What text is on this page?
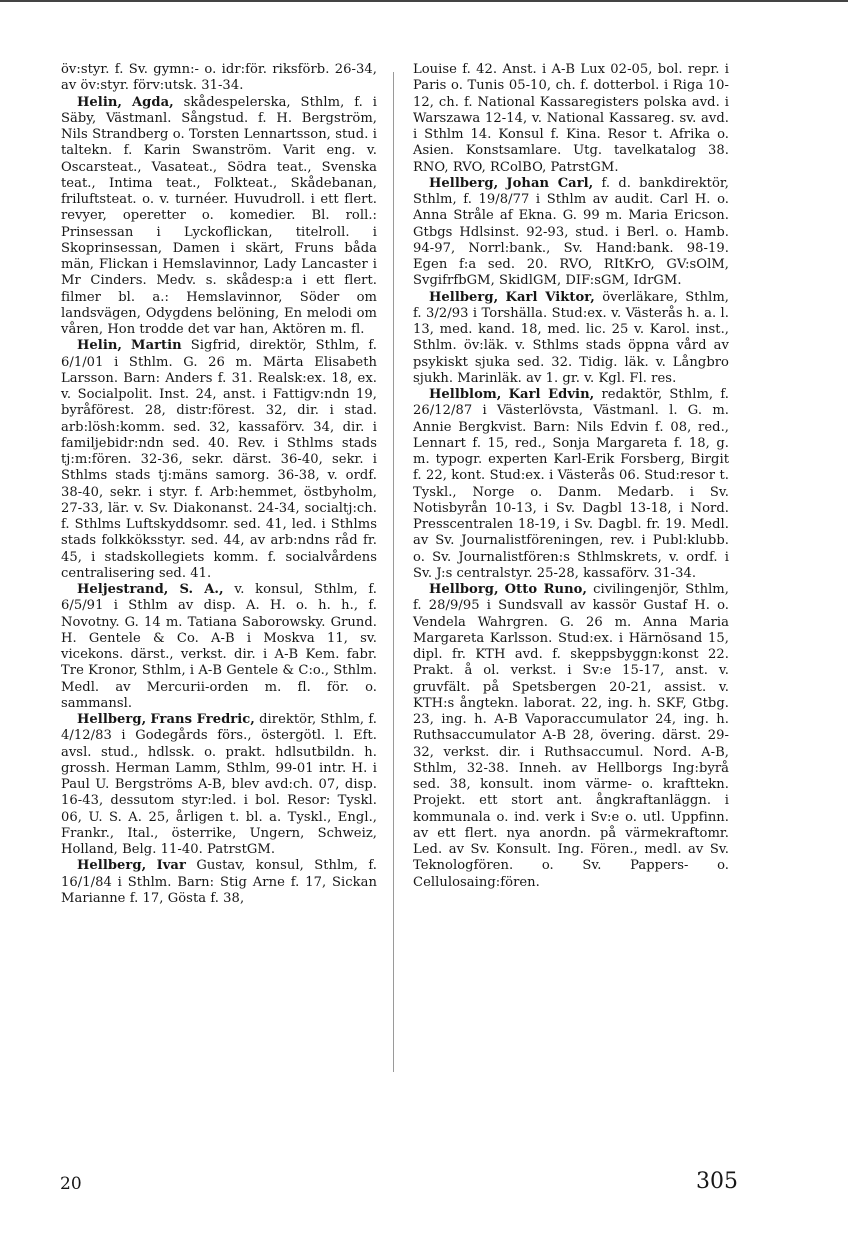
öv:styr. f. Sv. gymn:- o. idr:för. riksförb. 26-34, av öv:styr. förv:utsk. 31-34.

Helin, Agda, skådespelerska, Sthlm, f. i Säby, Västmanl. Sångstud. f. H. Bergström, Nils Strandberg o. Torsten Lennartsson, stud. i taltekn. f. Karin Swanström. Varit eng. v. Oscarsteat., Vasateat., Södra teat., Svenska teat., Intima teat., Folkteat., Skådebanan, friluftsteat. o. v. turnéer. Huvudroll. i ett flert. revyer, operetter o. komedier. Bl. roll.: Prinsessan i Lyckoflickan, titelroll. i Skoprinsessan, Damen i skärt, Fruns båda män, Flickan i Hemslavinnor, Lady Lancaster i Mr Cinders. Medv. s. skådesp:a i ett flert. filmer bl. a.: Hemslavinnor, Söder om landsvägen, Odygdens belöning, En melodi om våren, Hon trodde det var han, Aktören m. fl.

Helin, Martin Sigfrid, direktör, Sthlm, f. 6/1/01 i Sthlm. G. 26 m. Märta Elisabeth Larsson. Barn: Anders f. 31. Realsk:ex. 18, ex. v. Socialpolit. Inst. 24, anst. i Fattigv:ndn 19, byråförest. 28, distr:förest. 32, dir. i stad. arb:lösh:komm. sed. 32, kassaförv. 34, dir. i familjebidr:ndn sed. 40. Rev. i Sthlms stads tj:m:fören. 32-36, sekr. därst. 36-40, sekr. i Sthlms stads tj:mäns samorg. 36-38, v. ordf. 38-40, sekr. i styr. f. Arb:hemmet, östbyholm, 27-33, lär. v. Sv. Diakonanst. 24-34, socialtj:ch. f. Sthlms Luftskyddsomr. sed. 41, led. i Sthlms stads folkköksstyr. sed. 44, av arb:ndns råd fr. 45, i stadskollegiets komm. f. socialvårdens centralisering sed. 41.

Heljestrand, S. A., v. konsul, Sthlm, f. 6/5/91 i Sthlm av disp. A. H. o. h. h., f. Novotny. G. 14 m. Tatiana Saborowsky. Grund. H. Gentele & Co. A-B i Moskva 11, sv. vicekons. därst., verkst. dir. i A-B Kem. fabr. Tre Kronor, Sthlm, i A-B Gentele & C:o., Sthlm. Medl. av Mercurii-orden m. fl. för. o. sammansl.

Hellberg, Frans Fredric, direktör, Sthlm, f. 4/12/83 i Godegårds förs., östergötl. l. Eft. avsl. stud., hdlssk. o. prakt. hdlsutbildn. h. grossh. Herman Lamm, Sthlm, 99-01 intr. H. i Paul U. Bergströms A-B, blev avd:ch. 07, disp. 16-43, dessutom styr:led. i bol. Resor: Tyskl. 06, U. S. A. 25, årligen t. bl. a. Tyskl., Engl., Frankr., Ital., österrike, Ungern, Schweiz, Holland, Belg. 11-40. PatrstGM.

Hellberg, Ivar Gustav, konsul, Sthlm, f. 16/1/84 i Sthlm. Barn: Stig Arne f. 17, Sickan Marianne f. 17, Gösta f. 38,

Louise f. 42. Anst. i A-B Lux 02-05, bol. repr. i Paris o. Tunis 05-10, ch. f. dotterbol. i Riga 10-12, ch. f. National Kassaregisters polska avd. i Warszawa 12-14, v. National Kassareg. sv. avd. i Sthlm 14. Konsul f. Kina. Resor t. Afrika o. Asien. Konstsamlare. Utg. tavelkatalog 38. RNO, RVO, RColBO, PatrstGM.

Hellberg, Johan Carl, f. d. bankdirektör, Sthlm, f. 19/8/77 i Sthlm av audit. Carl H. o. Anna Stråle af Ekna. G. 99 m. Maria Ericson. Gtbgs Hdlsinst. 92-93, stud. i Berl. o. Hamb. 94-97, Norrl:bank., Sv. Hand:bank. 98-19. Egen f:a sed. 20. RVO, RItKrO, GV:sOlM, SvgifrfbGM, SkidlGM, DIF:sGM, IdrGM.

Hellberg, Karl Viktor, överläkare, Sthlm, f. 3/2/93 i Torshälla. Stud:ex. v. Västerås h. a. l. 13, med. kand. 18, med. lic. 25 v. Karol. inst., Sthlm. öv:läk. v. Sthlms stads öppna vård av psykiskt sjuka sed. 32. Tidig. läk. v. Långbro sjukh. Marinläk. av 1. gr. v. Kgl. Fl. res.

Hellblom, Karl Edvin, redaktör, Sthlm, f. 26/12/87 i Västerlövsta, Västmanl. l. G. m. Annie Bergkvist. Barn: Nils Edvin f. 08, red., Lennart f. 15, red., Sonja Margareta f. 18, g. m. typogr. experten Karl-Erik Forsberg, Birgit f. 22, kont. Stud:ex. i Västerås 06. Stud:resor t. Tyskl., Norge o. Danm. Medarb. i Sv. Notisbyrån 10-13, i Sv. Dagbl 13-18, i Nord. Presscentralen 18-19, i Sv. Dagbl. fr. 19. Medl. av Sv. Journalistföreningen, rev. i Publ:klubb. o. Sv. Journalistfören:s Sthlmskrets, v. ordf. i Sv. J:s centralstyr. 25-28, kassaförv. 31-34.

Hellborg, Otto Runo, civilingenjör, Sthlm, f. 28/9/95 i Sundsvall av kassör Gustaf H. o. Vendela Wahrgren. G. 26 m. Anna Maria Margareta Karlsson. Stud:ex. i Härnösand 15, dipl. fr. KTH avd. f. skeppsbyggn:konst 22. Prakt. å ol. verkst. i Sv:e 15-17, anst. v. gruvfält. på Spetsbergen 20-21, assist. v. KTH:s ångtekn. laborat. 22, ing. h. SKF, Gtbg. 23, ing. h. A-B Vaporaccumulator 24, ing. h. Ruthsaccumulator A-B 28, övering. därst. 29-32, verkst. dir. i Ruthsaccumul. Nord. A-B, Sthlm, 32-38. Inneh. av Hellborgs Ing:byrå sed. 38, konsult. inom värme- o. krafttekn. Projekt. ett stort ant. ångkraftanläggn. i kommunala o. ind. verk i Sv:e o. utl. Uppfinn. av ett flert. nya anordn. på värmekraftomr. Led. av Sv. Konsult. Ing. Fören., medl. av Sv. Teknologfören. o. Sv. Pappers- o. Cellulosaing:fören.

20	305
